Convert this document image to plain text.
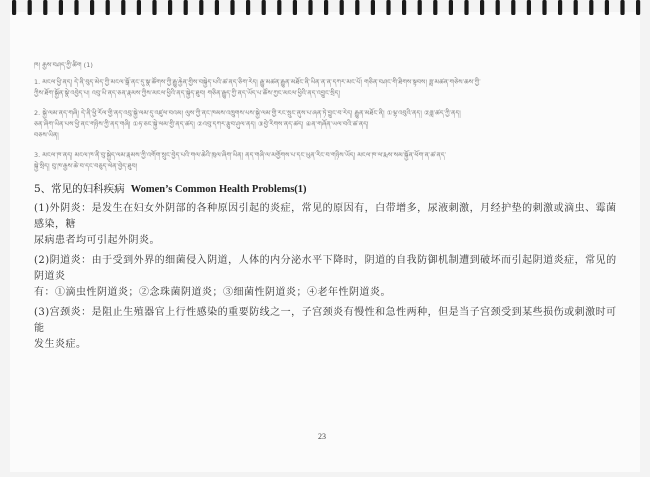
ཁ། རྒྱས་བཤད་ཀྱི་ཚིག (1)
1. མངལ་ཕྱི་ནད། དེ་ནི་བུད་མེད་ཀྱི་མངལ་སྒོ་ནང་དུ་སྣ་ཚོགས་ཀྱི་རྒྱུ་རྐྱེན་གྱིས་བསྐྱེད་པའི་ཚ་ནད་ཅིག་རེད། རྒྱུ་མཚན་རྒྱུན་མཐོང་ནི་ཡིན་ན་ན་དཀར་མང་པོ། གཅིན་བཤང་གི་ཐིགས་སྟབས། ཟླ་མཚན་གཅེས་ཆས་ཀྱི་
ཀྱིས་ཐོག་སྐྱོན་སྣེ་འབྱེད་པ། འབུ་ཡི་ནད་ཅན་རྣམས་ཀྱིས་མངལ་ཕྱིའི་ནད་སྐྱེད་ཐུབ། གཅིན་རྒྱུད་ཀྱི་ནད་ཡོད་པ་ཚོས་ཀྱང་མངལ་ཕྱིའི་ནད་འབྱུང་སྲིད།
2. སྐྱེ་ལམ་ནད་གཞི། དེ་ནི་ཕྱི་རོལ་གྱི་ནད་འབུ་སྐྱེ་ལམ་དུ་འཛུལ་བའམ། ལུས་ཀྱི་ནང་ཁམས་འཁྲུགས་པས་སྐྱེ་ལམ་གྱི་རང་སྲུང་ནུས་པ་ཞན་ཏེ་བྱུང་བ་རེད། རྒྱུན་མཐོང་ནི། ①ལྷ་འབུའི་ནད། ②ཟླ་ཚད་ཀྱི་ནད།
ཅན་ཞིག་ཡིན་པས་ཕྱི་ནང་གཉིས་ཀྱི་ནད་གཞི། ①ཧ་ཅང་སྐྱེ་ལམ་གྱི་ནད་ཚད། ②འབུ་དཀར་རྩུབ་ཤུལ་ནད། ③བྱེ་རིགས་ནད་ཚད། ④ན་གཞོན་ཡལ་བའི་ཚ་ནད།
བཅས་ཡིན།
3. མངལ་ཁ་ནད། མངལ་ཁ་ནི་བུ་སྐྱེད་ལམ་རྣམས་ཀྱི་འགོག་སྲུང་བྱེད་པའི་གལ་ཆེའི་ཁུལ་ཞིག་ཡིན། ནད་གཞི་ལ་མགྱོགས་པ་དང་ཡུན་རིང་བ་གཉིས་ཡོད། མངལ་ཁ་ལ་རྨས་སམ་སྐྱོན་ཕོག་ན་ཚ་ནད་
སྐྱེ་སྲིད། བུ་ཁ་རྒྱས་ཆེ་བ་དང་བཅུད་ལེན་བྱེད་ཐུབ།
5、常见的妇科疾病 Women’s Common Health Problems(1)
(1)外阴炎：是发生在妇女外阴部的各种原因引起的炎症，常见的原因有，白带增多，尿液刺激，月经护垫的刺激或滴虫、霉菌感染，糖
尿病患者均可引起外阴炎。
(2)阴道炎：由于受到外界的细菌侵入阴道，人体的内分泌水平下降时，阴道的自我防御机制遭到破坏而引起阴道炎症，常见的阴道炎
有：①滴虫性阴道炎；②念珠菌阴道炎；③细菌性阴道炎；④老年性阴道炎。
(3)宫颈炎：是阻止生殖器官上行性感染的重要防线之一，子宫颈炎有慢性和急性两种，但是当子宫颈受到某些损伤或刺激时可能
发生炎症。
23
